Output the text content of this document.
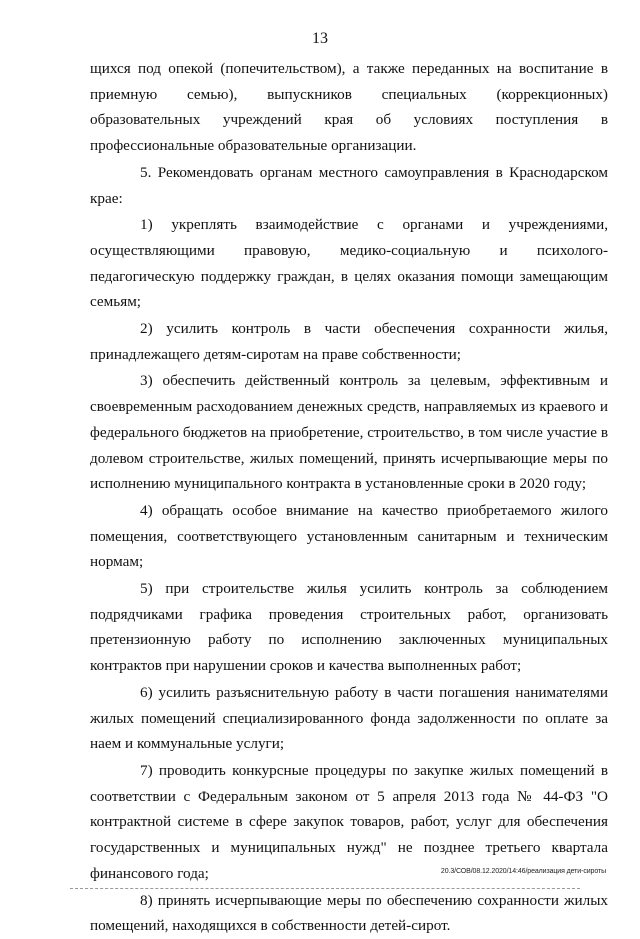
13

щихся под опекой (попечительством), а также переданных на воспитание в приемную семью), выпускников специальных (коррекционных) образовательных учреждений края об условиях поступления в профессиональные образовательные организации.

5. Рекомендовать органам местного самоуправления в Краснодарском крае:

1) укреплять взаимодействие с органами и учреждениями, осуществляющими правовую, медико-социальную и психолого-педагогическую поддержку граждан, в целях оказания помощи замещающим семьям;

2) усилить контроль в части обеспечения сохранности жилья, принадлежащего детям-сиротам на праве собственности;

3) обеспечить действенный контроль за целевым, эффективным и своевременным расходованием денежных средств, направляемых из краевого и федерального бюджетов на приобретение, строительство, в том числе участие в долевом строительстве, жилых помещений, принять исчерпывающие меры по исполнению муниципального контракта в установленные сроки в 2020 году;

4) обращать особое внимание на качество приобретаемого жилого помещения, соответствующего установленным санитарным и техническим нормам;

5) при строительстве жилья усилить контроль за соблюдением подрядчиками графика проведения строительных работ, организовать претензионную работу по исполнению заключенных муниципальных контрактов при нарушении сроков и качества выполненных работ;

6) усилить разъяснительную работу в части погашения нанимателями жилых помещений специализированного фонда задолженности по оплате за наем и коммунальные услуги;

7) проводить конкурсные процедуры по закупке жилых помещений в соответствии с Федеральным законом от 5 апреля 2013 года № 44-ФЗ "О контрактной системе в сфере закупок товаров, работ, услуг для обеспечения государственных и муниципальных нужд" не позднее третьего квартала финансового года;

8) принять исчерпывающие меры по обеспечению сохранности жилых помещений, находящихся в собственности детей-сирот.

20.3/СОВ/08.12.2020/14:46/реализация дети-сироты
